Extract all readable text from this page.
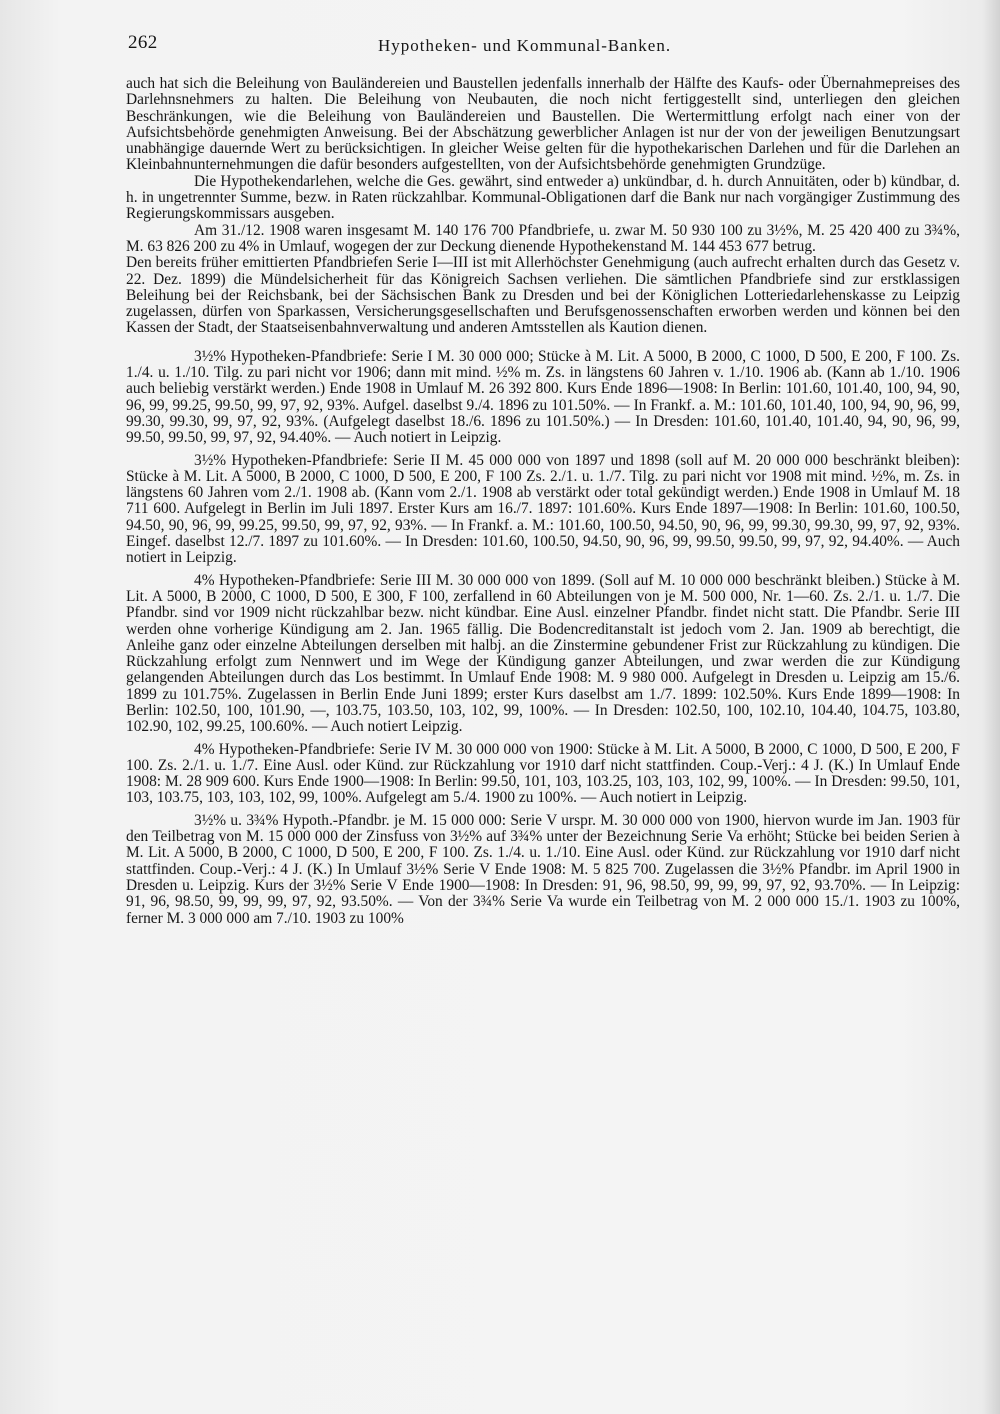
262	Hypotheken- und Kommunal-Banken.

auch hat sich die Beleihung von Bauländereien und Baustellen jedenfalls innerhalb der Hälfte des Kaufs- oder Übernahmepreises des Darlehnsnehmers zu halten. Die Beleihung von Neubauten, die noch nicht fertiggestellt sind, unterliegen den gleichen Beschränkungen, wie die Beleihung von Bauländereien und Baustellen. Die Wertermittlung erfolgt nach einer von der Aufsichtsbehörde genehmigten Anweisung. Bei der Abschätzung gewerblicher Anlagen ist nur der von der jeweiligen Benutzungsart unabhängige dauernde Wert zu berücksichtigen. In gleicher Weise gelten für die hypothekarischen Darlehen und für die Darlehen an Kleinbahnunternehmungen die dafür besonders aufgestellten, von der Aufsichtsbehörde genehmigten Grundzüge.

Die Hypothekendarlehen, welche die Ges. gewährt, sind entweder a) unkündbar, d. h. durch Annuitäten, oder b) kündbar, d. h. in ungetrennter Summe, bezw. in Raten rückzahlbar. Kommunal-Obligationen darf die Bank nur nach vorgängiger Zustimmung des Regierungskommissars ausgeben.

Am 31./12. 1908 waren insgesamt M. 140 176 700 Pfandbriefe, u. zwar M. 50 930 100 zu 3½%, M. 25 420 400 zu 3¾%, M. 63 826 200 zu 4% in Umlauf, wogegen der zur Deckung dienende Hypothekenstand M. 144 453 677 betrug.

Den bereits früher emittierten Pfandbriefen Serie I—III ist mit Allerhöchster Genehmigung (auch aufrecht erhalten durch das Gesetz v. 22. Dez. 1899) die Mündelsicherheit für das Königreich Sachsen verliehen. Die sämtlichen Pfandbriefe sind zur erstklassigen Beleihung bei der Reichsbank, bei der Sächsischen Bank zu Dresden und bei der Königlichen Lotteriedarlehenskasse zu Leipzig zugelassen, dürfen von Sparkassen, Versicherungsgesellschaften und Berufsgenossenschaften erworben werden und können bei den Kassen der Stadt, der Staatseisenbahnverwaltung und anderen Amtsstellen als Kaution dienen.

3½% Hypotheken-Pfandbriefe: Serie I M. 30 000 000; Stücke à M. Lit. A 5000, B 2000, C 1000, D 500, E 200, F 100. Zs. 1./4. u. 1./10. Tilg. zu pari nicht vor 1906; dann mit mind. ½% m. Zs. in längstens 60 Jahren v. 1./10. 1906 ab. (Kann ab 1./10. 1906 auch beliebig verstärkt werden.) Ende 1908 in Umlauf M. 26 392 800. Kurs Ende 1896—1908: In Berlin: 101.60, 101.40, 100, 94, 90, 96, 99, 99.25, 99.50, 99, 97, 92, 93%. Aufgel. daselbst 9./4. 1896 zu 101.50%. — In Frankf. a. M.: 101.60, 101.40, 100, 94, 90, 96, 99, 99.30, 99.30, 99, 97, 92, 93%. (Aufgelegt daselbst 18./6. 1896 zu 101.50%.) — In Dresden: 101.60, 101.40, 101.40, 94, 90, 96, 99, 99.50, 99.50, 99, 97, 92, 94.40%. — Auch notiert in Leipzig.

3½% Hypotheken-Pfandbriefe: Serie II M. 45 000 000 von 1897 und 1898 (soll auf M. 20 000 000 beschränkt bleiben): Stücke à M. Lit. A 5000, B 2000, C 1000, D 500, E 200, F 100 Zs. 2./1. u. 1./7. Tilg. zu pari nicht vor 1908 mit mind. ½%, m. Zs. in längstens 60 Jahren vom 2./1. 1908 ab. (Kann vom 2./1. 1908 ab verstärkt oder total gekündigt werden.) Ende 1908 in Umlauf M. 18 711 600. Aufgelegt in Berlin im Juli 1897. Erster Kurs am 16./7. 1897: 101.60%. Kurs Ende 1897—1908: In Berlin: 101.60, 100.50, 94.50, 90, 96, 99, 99.25, 99.50, 99, 97, 92, 93%. — In Frankf. a. M.: 101.60, 100.50, 94.50, 90, 96, 99, 99.30, 99.30, 99, 97, 92, 93%. Eingef. daselbst 12./7. 1897 zu 101.60%. — In Dresden: 101.60, 100.50, 94.50, 90, 96, 99, 99.50, 99.50, 99, 97, 92, 94.40%. — Auch notiert in Leipzig.

4% Hypotheken-Pfandbriefe: Serie III M. 30 000 000 von 1899. (Soll auf M. 10 000 000 beschränkt bleiben.) Stücke à M. Lit. A 5000, B 2000, C 1000, D 500, E 300, F 100, zerfallend in 60 Abteilungen von je M. 500 000, Nr. 1—60. Zs. 2./1. u. 1./7. Die Pfandbr. sind vor 1909 nicht rückzahlbar bezw. nicht kündbar. Eine Ausl. einzelner Pfandbr. findet nicht statt. Die Pfandbr. Serie III werden ohne vorherige Kündigung am 2. Jan. 1965 fällig. Die Bodencreditanstalt ist jedoch vom 2. Jan. 1909 ab berechtigt, die Anleihe ganz oder einzelne Abteilungen derselben mit halbj. an die Zinstermine gebundener Frist zur Rückzahlung zu kündigen. Die Rückzahlung erfolgt zum Nennwert und im Wege der Kündigung ganzer Abteilungen, und zwar werden die zur Kündigung gelangenden Abteilungen durch das Los bestimmt. In Umlauf Ende 1908: M. 9 980 000. Aufgelegt in Dresden u. Leipzig am 15./6. 1899 zu 101.75%. Zugelassen in Berlin Ende Juni 1899; erster Kurs daselbst am 1./7. 1899: 102.50%. Kurs Ende 1899—1908: In Berlin: 102.50, 100, 101.90, —, 103.75, 103.50, 103, 102, 99, 100%. — In Dresden: 102.50, 100, 102.10, 104.40, 104.75, 103.80, 102.90, 102, 99.25, 100.60%. — Auch notiert Leipzig.

4% Hypotheken-Pfandbriefe: Serie IV M. 30 000 000 von 1900: Stücke à M. Lit. A 5000, B 2000, C 1000, D 500, E 200, F 100. Zs. 2./1. u. 1./7. Eine Ausl. oder Künd. zur Rückzahlung vor 1910 darf nicht stattfinden. Coup.-Verj.: 4 J. (K.) In Umlauf Ende 1908: M. 28 909 600. Kurs Ende 1900—1908: In Berlin: 99.50, 101, 103, 103.25, 103, 103, 102, 99, 100%. — In Dresden: 99.50, 101, 103, 103.75, 103, 103, 102, 99, 100%. Aufgelegt am 5./4. 1900 zu 100%. — Auch notiert in Leipzig.

3½% u. 3¾% Hypoth.-Pfandbr. je M. 15 000 000: Serie V urspr. M. 30 000 000 von 1900, hiervon wurde im Jan. 1903 für den Teilbetrag von M. 15 000 000 der Zinsfuss von 3½% auf 3¾% unter der Bezeichnung Serie Va erhöht; Stücke bei beiden Serien à M. Lit. A 5000, B 2000, C 1000, D 500, E 200, F 100. Zs. 1./4. u. 1./10. Eine Ausl. oder Künd. zur Rückzahlung vor 1910 darf nicht stattfinden. Coup.-Verj.: 4 J. (K.) In Umlauf 3½% Serie V Ende 1908: M. 5 825 700. Zugelassen die 3½% Pfandbr. im April 1900 in Dresden u. Leipzig. Kurs der 3½% Serie V Ende 1900—1908: In Dresden: 91, 96, 98.50, 99, 99, 99, 97, 92, 93.70%. — In Leipzig: 91, 96, 98.50, 99, 99, 99, 97, 92, 93.50%. — Von der 3¾% Serie Va wurde ein Teilbetrag von M. 2 000 000 15./1. 1903 zu 100%, ferner M. 3 000 000 am 7./10. 1903 zu 100%
